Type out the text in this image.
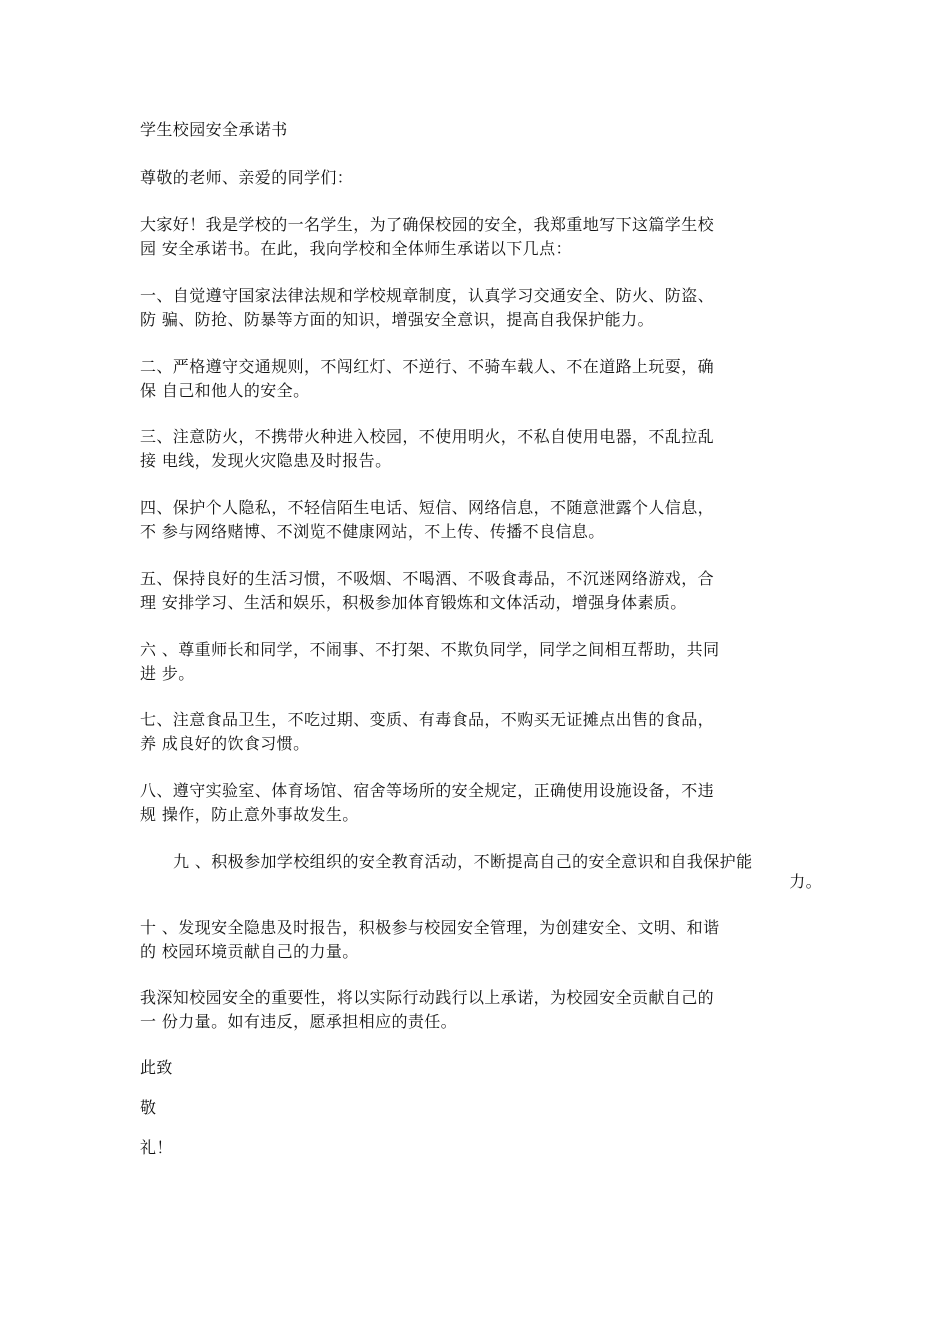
学生校园安全承诺书
尊敬的老师、亲爱的同学们：
大家好！我是学校的一名学生，为了确保校园的安全，我郑重地写下这篇学生校
园 安全承诺书。在此，我向学校和全体师生承诺以下几点：
一、自觉遵守国家法律法规和学校规章制度，认真学习交通安全、防火、防盗、
防 骗、防抢、防暴等方面的知识，增强安全意识，提高自我保护能力。
二、严格遵守交通规则，不闯红灯、不逆行、不骑车载人、不在道路上玩耍，确
保 自己和他人的安全。
三、注意防火，不携带火种进入校园，不使用明火，不私自使用电器，不乱拉乱
接 电线，发现火灾隐患及时报告。
四、保护个人隐私，不轻信陌生电话、短信、网络信息，不随意泄露个人信息，
不 参与网络赌博、不浏览不健康网站，不上传、传播不良信息。
五、保持良好的生活习惯，不吸烟、不喝酒、不吸食毒品，不沉迷网络游戏，合
理 安排学习、生活和娱乐，积极参加体育锻炼和文体活动，增强身体素质。
六 、尊重师长和同学，不闹事、不打架、不欺负同学，同学之间相互帮助，共同
进 步。
七、注意食品卫生，不吃过期、变质、有毒食品，不购买无证摊点出售的食品，
养 成良好的饮食习惯。
八、遵守实验室、体育场馆、宿舍等场所的安全规定，正确使用设施设备，不违
规 操作，防止意外事故发生。
九 、积极参加学校组织的安全教育活动，不断提高自己的安全意识和自我保护能
力。
十 、发现安全隐患及时报告，积极参与校园安全管理，为创建安全、文明、和谐
的 校园环境贡献自己的力量。
我深知校园安全的重要性，将以实际行动践行以上承诺，为校园安全贡献自己的
一 份力量。如有违反，愿承担相应的责任。
此致
敬
礼！
